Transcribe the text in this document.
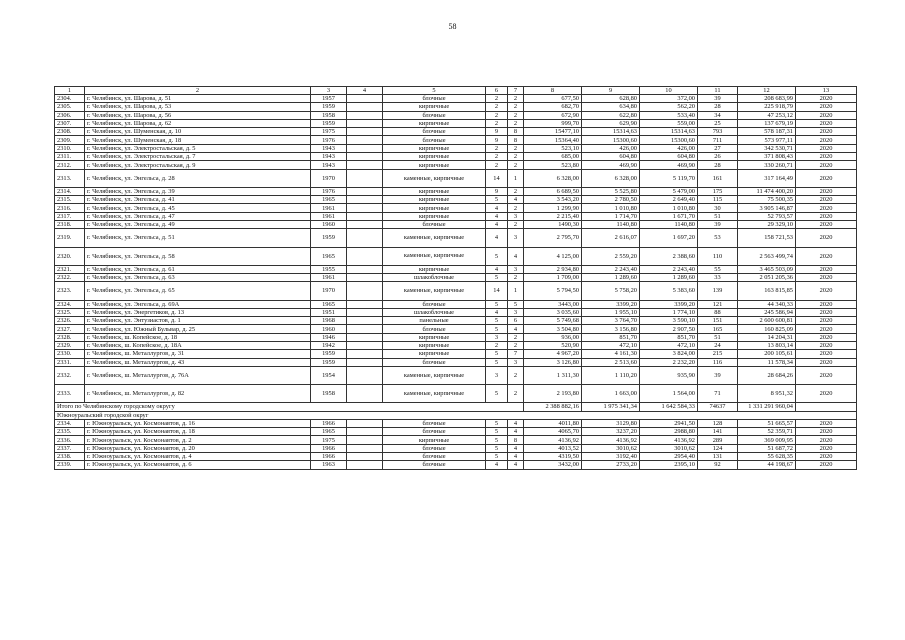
58
1	2	3	4	5	6	7	8	9	10	11	12	13
2304.	г. Челябинск, ул. Шарова, д. 51	1957		блочные	2	2	677,50	628,80	372,00	39	208 683,99	2020
2305.	г. Челябинск, ул. Шарова, д. 53	1959		кирпичные	2	2	682,70	634,80	562,20	28	225 918,79	2020
2306.	г. Челябинск, ул. Шарова, д. 56	1958		блочные	2	2	672,90	622,80	533,40	34	47 253,12	2020
2307.	г. Челябинск, ул. Шарова, д. 62	1959		кирпичные	2	2	999,70	629,90	559,00	25	137 679,19	2020
2308.	г. Челябинск, ул. Шуменская, д. 10	1975		блочные	9	8	15477,10	15314,63	15314,63	793	578 187,31	2020
2309.	г. Челябинск, ул. Шуменская, д. 18	1976		блочные	9	8	15364,40	15300,60	15300,60	711	573 977,11	2020
2310.	г. Челябинск, ул. Электростальская, д. 5	1943		кирпичные	2	2	523,10	426,00	426,00	27	342 530,71	2020
2311.	г. Челябинск, ул. Электростальская, д. 7	1943		кирпичные	2	2	685,00	604,80	604,80	26	371 808,43	2020
2312.	г. Челябинск, ул. Электростальская, д. 9	1943		кирпичные	2	2	523,80	469,90	469,90	28	330 260,71	2020
2313.	г. Челябинск, ул. Энгельса, д. 28	1970		каменные, кирпичные	14	1	6 328,00	6 328,00	5 119,70	161	317 164,49	2020
2314.	г. Челябинск, ул. Энгельса, д. 39	1976		кирпичные	9	2	6 689,50	5 525,80	5 479,00	175	11 474 400,20	2020
2315.	г. Челябинск, ул. Энгельса, д. 41	1965		кирпичные	5	4	3 543,20	2 780,50	2 649,40	115	75 500,35	2020
2316.	г. Челябинск, ул. Энгельса, д. 45	1961		кирпичные	4	2	1 299,90	1 010,80	1 010,80	30	3 905 146,87	2020
2317.	г. Челябинск, ул. Энгельса, д. 47	1961		кирпичные	4	3	2 215,40	1 714,70	1 671,70	51	52 793,57	2020
2318.	г. Челябинск, ул. Энгельса, д. 49	1960		блочные	4	2	1490,30	1140,80	1140,80	39	29 329,10	2020
2319.	г. Челябинск, ул. Энгельса, д. 51	1959		каменные, кирпичные	4	3	2 795,70	2 616,07	1 697,20	53	158 721,53	2020
2320.	г. Челябинск, ул. Энгельса, д. 58	1965		каменные, кирпичные	5	4	4 125,00	2 559,20	2 388,60	110	2 563 499,74	2020
2321.	г. Челябинск, ул. Энгельса, д. 61	1955		кирпичные	4	3	2 934,80	2 243,40	2 243,40	55	3 465 503,09	2020
2322.	г. Челябинск, ул. Энгельса, д. 63	1961		шлакоблочные	5	2	1 709,00	1 289,60	1 289,60	33	2 051 205,36	2020
2323.	г. Челябинск, ул. Энгельса, д. 65	1970		каменные, кирпичные	14	1	5 794,50	5 758,20	5 383,60	139	163 815,85	2020
2324.	г. Челябинск, ул. Энгельса, д. 69А	1965		блочные	5	5	3443,00	3399,20	3399,20	121	44 340,33	2020
2325.	г. Челябинск, ул. Энергетиков, д. 13	1951		шлакоблочные	4	3	3 035,60	1 955,10	1 774,10	88	245 586,94	2020
2326.	г. Челябинск, ул. Энтузиастов, д. 1	1968		панельные	5	6	5 749,68	3 764,70	3 590,10	151	2 600 600,81	2020
2327.	г. Челябинск, ул. Южный Бульвар, д. 25	1960		блочные	5	4	3 504,80	3 156,80	2 907,50	165	160 825,09	2020
2328.	г. Челябинск, ш. Копейское, д. 18	1946		кирпичные	3	2	936,00	851,70	851,70	51	14 204,31	2020
2329.	г. Челябинск, ш. Копейское, д. 18А	1942		кирпичные	2	2	520,90	472,10	472,10	24	13 803,14	2020
2330.	г. Челябинск, ш. Металлургов, д. 31	1959		кирпичные	5	7	4 967,20	4 161,30	3 824,00	215	200 105,61	2020
2331.	г. Челябинск, ш. Металлургов, д. 43	1959		блочные	5	3	3 126,80	2 513,60	2 232,20	116	11 578,34	2020
2332.	г. Челябинск, ш. Металлургов, д. 76А	1954		каменные, кирпичные	3	2	1 311,30	1 110,20	935,90	39	28 684,26	2020
2333.	г. Челябинск, ш. Металлургов, д. 82	1958		каменные, кирпичные	5	2	2 193,80	1 663,00	1 564,00	71	8 951,32	2020
Итого по Челябинскому городскому округу							2 388 882,16	1 975 341,34	1 642 584,33	74637	1 331 291 960,04	
Южноуральский городской округ												
2334.	г. Южноуральск, ул. Космонавтов, д. 16	1966		блочные	5	4	4011,80	3129,80	2941,50	128	51 665,57	2020
2335.	г. Южноуральск, ул. Космонавтов, д. 18	1965		блочные	5	4	4065,70	3237,20	2988,80	141	52 359,71	2020
2336.	г. Южноуральск, ул. Космонавтов, д. 2	1975		кирпичные	5	8	4136,92	4136,92	4136,92	289	369 009,95	2020
2337.	г. Южноуральск, ул. Космонавтов, д. 20	1966		блочные	5	4	4013,52	3010,62	3010,62	124	51 687,72	2020
2338.	г. Южноуральск, ул. Космонавтов, д. 4	1966		блочные	5	4	4319,50	3192,40	2954,40	131	55 628,35	2020
2339.	г. Южноуральск, ул. Космонавтов, д. 6	1963		блочные	4	4	3432,00	2733,20	2395,10	92	44 198,67	2020
